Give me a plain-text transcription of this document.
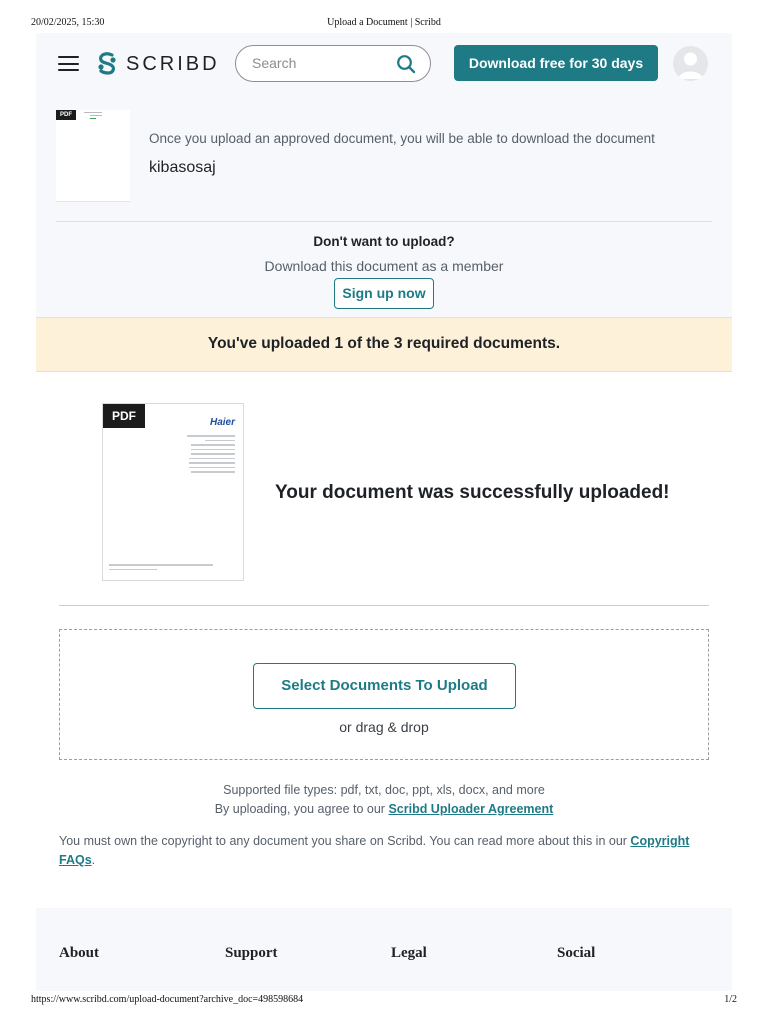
20/02/2025, 15:30	Upload a Document | Scribd
SCRIBD Search	Download free for 30 days
PDF
Once you upload an approved document, you will be able to download the document
kibasosaj
Don't want to upload?
Download this document as a member
Sign up now
You've uploaded 1 of the 3 required documents.
PDF	Haier
Your document was successfully uploaded!
Select Documents To Upload
or drag & drop
Supported file types: pdf, txt, doc, ppt, xls, docx, and more
By uploading, you agree to our Scribd Uploader Agreement
You must own the copyright to any document you share on Scribd. You can read more about this in our Copyright FAQs.
About	Support	Legal	Social
https://www.scribd.com/upload-document?archive_doc=498598684	1/2
